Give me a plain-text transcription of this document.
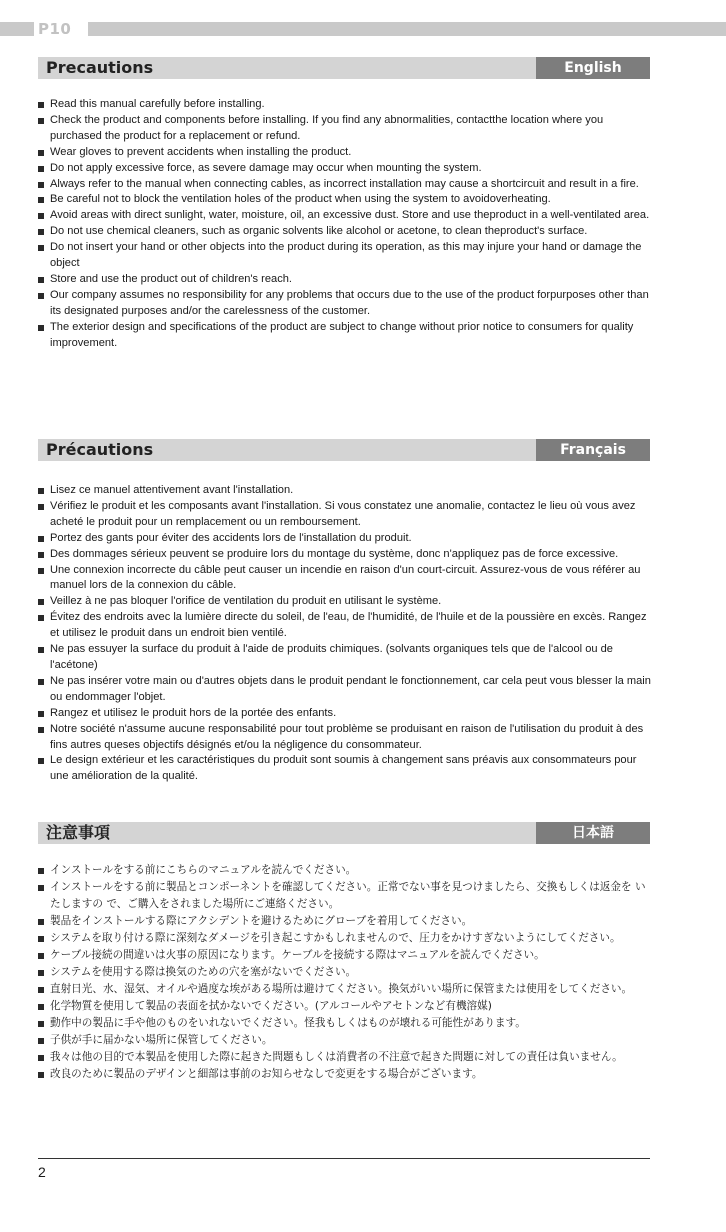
P10
Precautions	English
Read this manual carefully before installing.
Check the product and components before installing. If you find any abnormalities, contactthe location where you purchased the product for a replacement or refund.
Wear gloves to prevent accidents when installing the product.
Do not apply excessive force, as severe damage may occur when mounting the system.
Always refer to the manual when connecting cables, as incorrect installation may cause a shortcircuit and result in a fire.
Be careful not to block the ventilation holes of the product when using the system to avoidoverheating.
Avoid areas with direct sunlight, water, moisture, oil, an excessive dust. Store and use theproduct in a well-ventilated area.
Do not use chemical cleaners, such as organic solvents like alcohol or acetone, to clean theproduct's surface.
Do not insert your hand or other objects into the product during its operation, as this may injure your hand or damage the object
Store and use the product out of children's reach.
Our company assumes no responsibility for any problems that occurs due to the use of the product forpurposes other than its designated purposes and/or the carelessness of the customer.
The exterior design and specifications of the product are subject to change without prior notice to consumers for quality improvement.
Précautions	Français
Lisez ce manuel attentivement avant l'installation.
Vérifiez le produit et les composants avant l'installation. Si vous constatez une anomalie, contactez le lieu où vous avez acheté le produit pour un remplacement ou un remboursement.
Portez des gants pour éviter des accidents lors de l'installation du produit.
Des dommages sérieux peuvent se produire lors du montage du système, donc n'appliquez pas de force excessive.
Une connexion incorrecte du câble peut causer un incendie en raison d'un court-circuit. Assurez-vous de vous référer au manuel lors de la connexion du câble.
Veillez à ne pas bloquer l'orifice de ventilation du produit en utilisant le système.
Évitez des endroits avec la lumière directe du soleil, de l'eau, de l'humidité, de l'huile et de la poussière en excès. Rangez et utilisez le produit dans un endroit bien ventilé.
Ne pas essuyer la surface du produit à l'aide de produits chimiques. (solvants organiques tels que de l'alcool ou de l'acétone)
Ne pas insérer votre main ou d'autres objets dans le produit pendant le fonctionnement, car cela peut vous blesser la main ou endommager l'objet.
Rangez et utilisez le produit hors de la portée des enfants.
Notre société n'assume aucune responsabilité pour tout problème se produisant en raison de l'utilisation du produit à des fins autres queses objectifs désignés et/ou la négligence du consommateur.
Le design extérieur et les caractéristiques du produit sont soumis à changement sans préavis aux consommateurs pour une amélioration de la qualité.
注意事項	日本語
インストールをする前にこちらのマニュアルを読んでください。
インストールをする前に製品とコンポーネントを確認してください。正常でない事を見つけましたら、交換もしくは返金を いたしますの で、ご購入をされました場所にご連絡ください。
製品をインストールする際にアクシデントを避けるためにグローブを着用してください。
システムを取り付ける際に深刻なダメージを引き起こすかもしれませんので、圧力をかけすぎないようにしてください。
ケーブル接続の間違いは火事の原因になります。ケーブルを接続する際はマニュアルを読んでください。
システムを使用する際は換気のための穴を塞がないでください。
直射日光、水、湿気、オイルや過度な埃がある場所は避けてください。換気がいい場所に保管または使用をしてください。
化学物質を使用して製品の表面を拭かないでください。(アルコールやアセトンなど有機溶媒)
動作中の製品に手や他のものをいれないでください。怪我もしくはものが壊れる可能性があります。
子供が手に届かない場所に保管してください。
我々は他の目的で本製品を使用した際に起きた問題もしくは消費者の不注意で起きた問題に対しての責任は負いません。
改良のために製品のデザインと細部は事前のお知らせなしで変更をする場合がございます。
2
